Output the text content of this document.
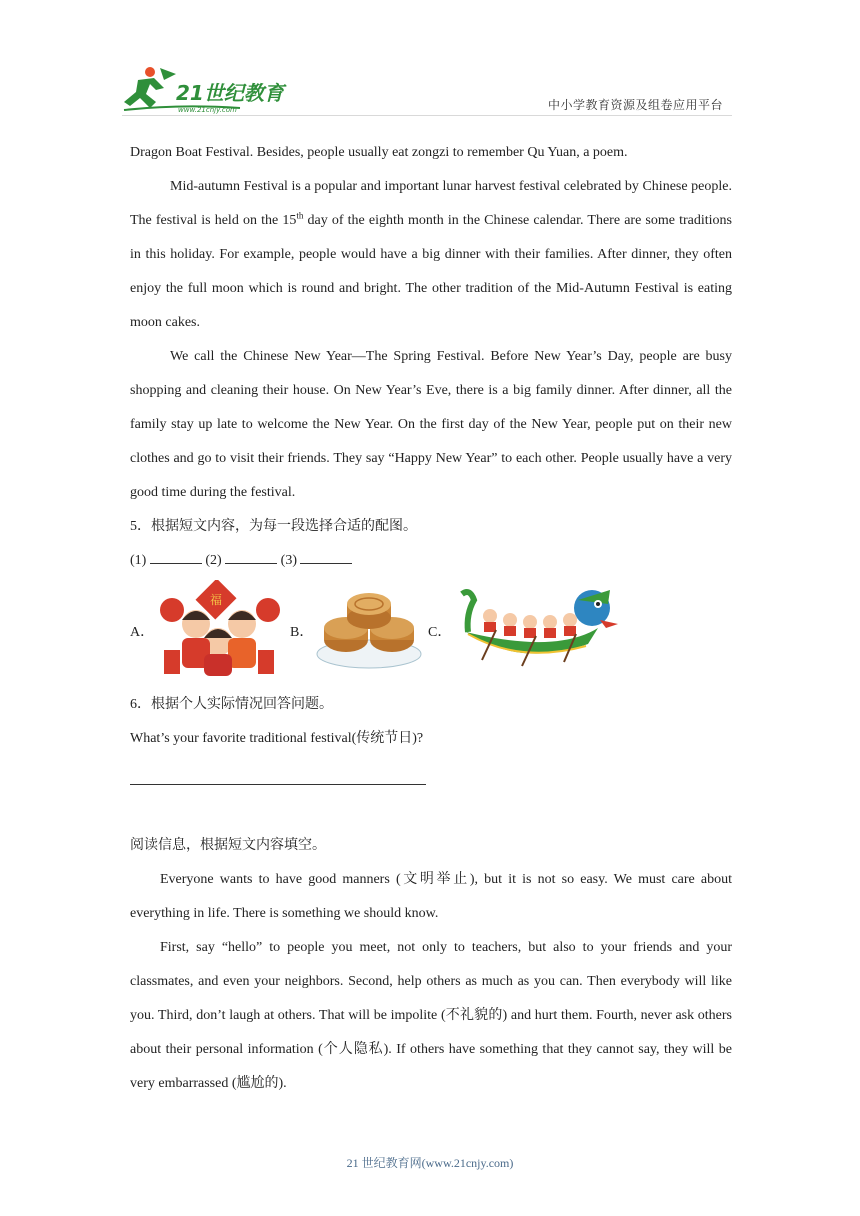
21世纪教育
www.21cnjy.com	中小学教育资源及组卷应用平台

Dragon Boat Festival. Besides, people usually eat zongzi to remember Qu Yuan, a poem.

Mid-autumn Festival is a popular and important lunar harvest festival celebrated by Chinese people. The festival is held on the 15th day of the eighth month in the Chinese calendar. There are some traditions in this holiday. For example, people would have a big dinner with their families. After dinner, they often enjoy the full moon which is round and bright. The other tradition of the Mid-Autumn Festival is eating moon cakes.

We call the Chinese New Year—The Spring Festival. Before New Year’s Day, people are busy shopping and cleaning their house. On New Year’s Eve, there is a big family dinner. After dinner, all the family stay up late to welcome the New Year. On the first day of the New Year, people put on their new clothes and go to visit their friends. They say “Happy New Year” to each other. People usually have a very good time during the festival.

5．根据短文内容，为每一段选择合适的配图。

(1)	(2)	(3)

A．
福
B．	C．

6．根据个人实际情况回答问题。

What’s your favorite traditional festival(传统节日)?

阅读信息，根据短文内容填空。

Everyone wants to have good manners (文明举止), but it is not so easy. We must care about everything in life. There is something we should know.

First, say “hello” to people you meet, not only to teachers, but also to your friends and your classmates, and even your neighbors. Second, help others as much as you can. Then everybody will like you. Third, don’t laugh at others. That will be impolite (不礼貌的) and hurt them. Fourth, never ask others about their personal information (个人隐私). If others have something that they cannot say, they will be very embarrassed (尴尬的).

21 世纪教育网(www.21cnjy.com)
